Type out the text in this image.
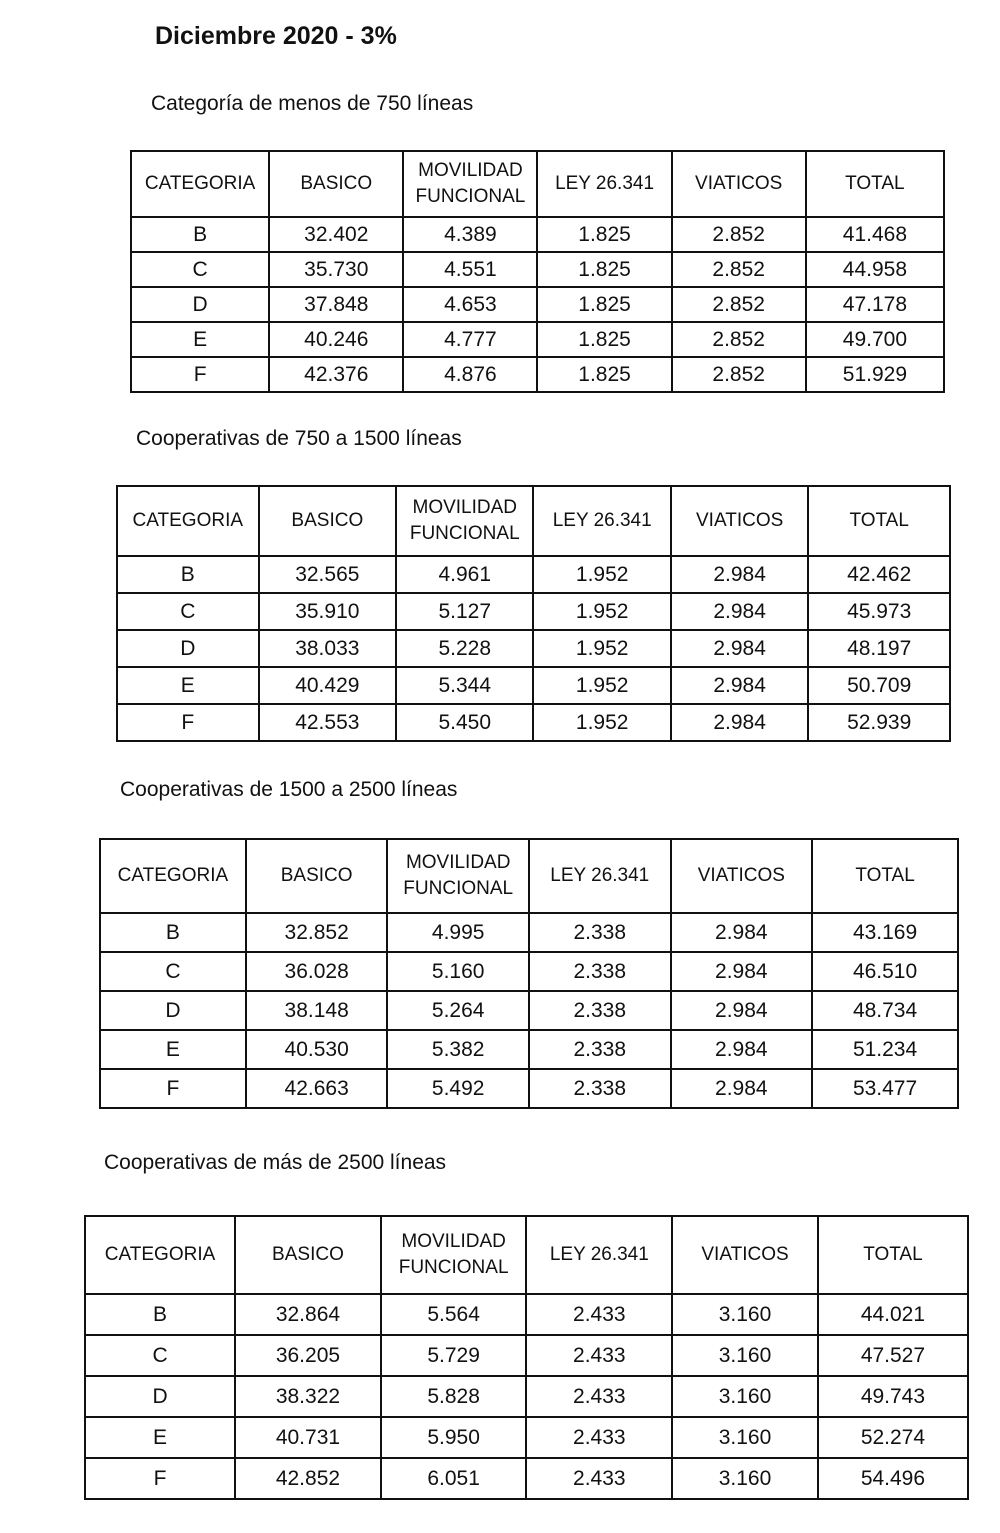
Diciembre 2020 - 3%
Categoría de menos de 750 líneas
Cooperativas de 750 a 1500 líneas
Cooperativas de 1500 a 2500 líneas
Cooperativas de más de 2500 líneas
CATEGORIA	BASICO	MOVILIDAD FUNCIONAL	LEY 26.341	VIATICOS	TOTAL
B	32.402	4.389	1.825	2.852	41.468
C	35.730	4.551	1.825	2.852	44.958
D	37.848	4.653	1.825	2.852	47.178
E	40.246	4.777	1.825	2.852	49.700
F	42.376	4.876	1.825	2.852	51.929
CATEGORIA	BASICO	MOVILIDAD FUNCIONAL	LEY 26.341	VIATICOS	TOTAL
B	32.565	4.961	1.952	2.984	42.462
C	35.910	5.127	1.952	2.984	45.973
D	38.033	5.228	1.952	2.984	48.197
E	40.429	5.344	1.952	2.984	50.709
F	42.553	5.450	1.952	2.984	52.939
CATEGORIA	BASICO	MOVILIDAD FUNCIONAL	LEY 26.341	VIATICOS	TOTAL
B	32.852	4.995	2.338	2.984	43.169
C	36.028	5.160	2.338	2.984	46.510
D	38.148	5.264	2.338	2.984	48.734
E	40.530	5.382	2.338	2.984	51.234
F	42.663	5.492	2.338	2.984	53.477
CATEGORIA	BASICO	MOVILIDAD FUNCIONAL	LEY 26.341	VIATICOS	TOTAL
B	32.864	5.564	2.433	3.160	44.021
C	36.205	5.729	2.433	3.160	47.527
D	38.322	5.828	2.433	3.160	49.743
E	40.731	5.950	2.433	3.160	52.274
F	42.852	6.051	2.433	3.160	54.496
